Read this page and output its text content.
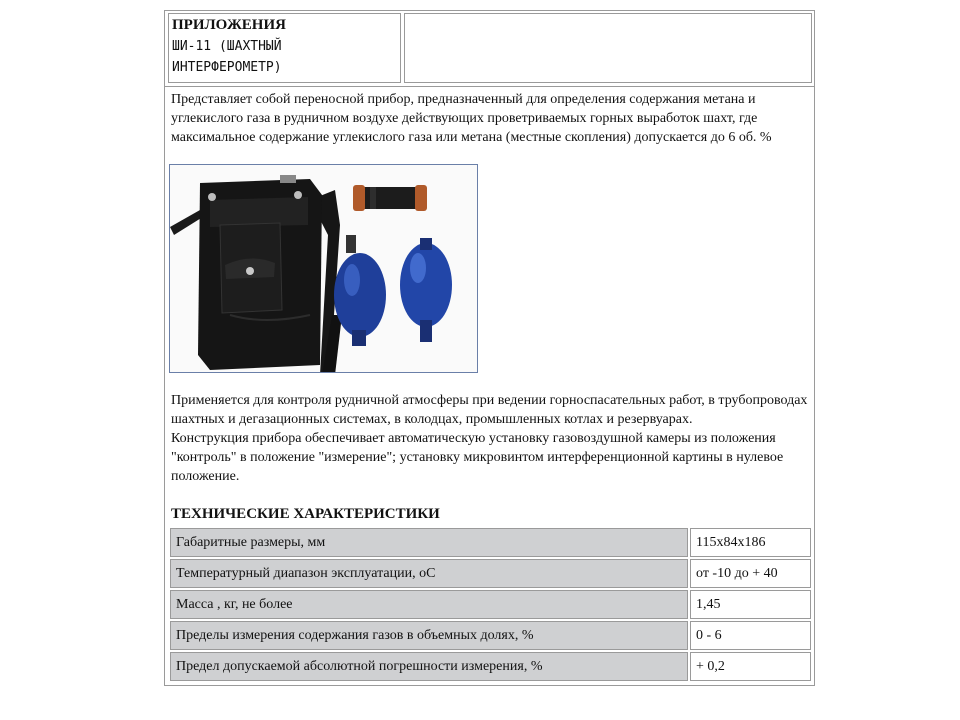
ПРИЛОЖЕНИЯ
ШИ-11 (ШАХТНЫЙ
ИНТЕРФЕРОМЕТР)
Представляет собой переносной прибор, предназначенный для определения содержания метана и углекислого газа в рудничном воздухе действующих проветриваемых горных выработок шахт, где максимальное содержание углекислого газа или метана (местные скопления) допускается до 6 об. %
Применяется для контроля рудничной атмосферы при ведении горноспасательных работ, в трубопроводах шахтных и дегазационных системах, в колодцах, промышленных котлах и резервуарах.
Конструкция прибора обеспечивает автоматическую установку газовоздушной камеры из положения "контроль" в положение "измерение"; установку микровинтом интерференционной картины в нулевое положение.
ТЕХНИЧЕСКИЕ ХАРАКТЕРИСТИКИ
Габаритные размеры, мм	115x84x186
Температурный диапазон эксплуатации, оС	от -10 до + 40
Масса , кг, не более	1,45
Пределы измерения содержания газов в объемных долях, %	0 - 6
Предел допускаемой абсолютной погрешности измерения, %	+ 0,2
